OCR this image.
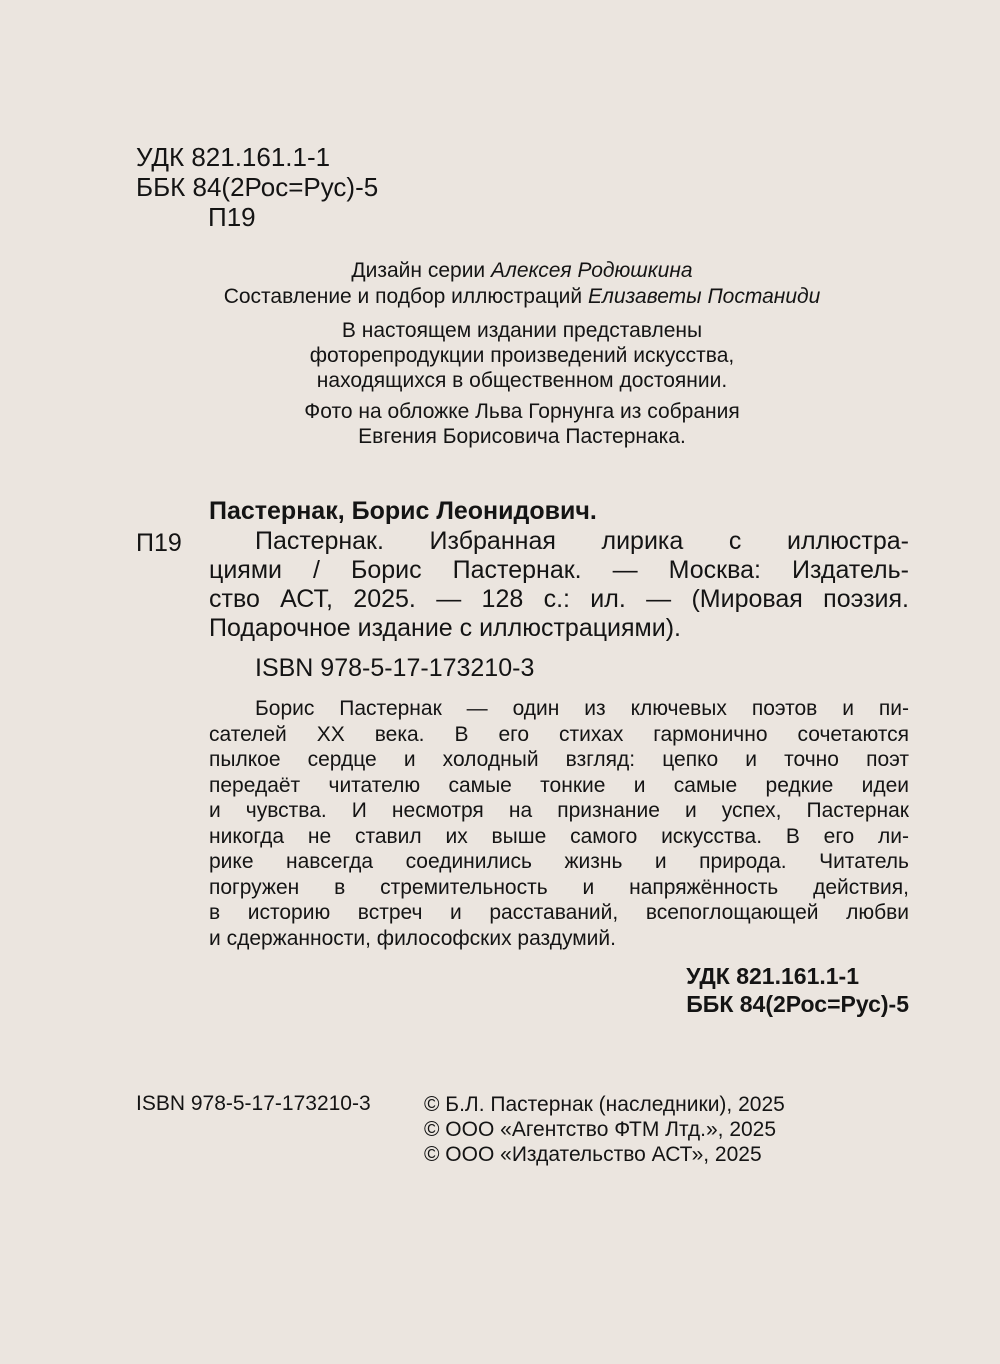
УДК 821.161.1-1
ББК 84(2Рос=Рус)-5
П19
Дизайн серии Алексея Родюшкина
Составление и подбор иллюстраций Елизаветы Постаниди
В настоящем издании представлены
фоторепродукции произведений искусства,
находящихся в общественном достоянии.
Фото на обложке Льва Горнунга из собрания
Евгения Борисовича Пастернака.
Пастернак, Борис Леонидович.
П19	Пастернак. Избранная лирика с иллюстра-
циями / Борис Пастернак. — Москва: Издатель-
ство АСТ, 2025. — 128 с.: ил. — (Мировая поэзия.
Подарочное издание с иллюстрациями).
ISBN 978-5-17-173210-3
Борис Пастернак — один из ключевых поэтов и пи-
сателей XX века. В его стихах гармонично сочетаются
пылкое сердце и холодный взгляд: цепко и точно поэт
передаёт читателю самые тонкие и самые редкие идеи
и чувства. И несмотря на признание и успех, Пастернак
никогда не ставил их выше самого искусства. В его ли-
рике навсегда соединились жизнь и природа. Читатель
погружен в стремительность и напряжённость действия,
в историю встреч и расставаний, всепоглощающей любви
и сдержанности, философских раздумий.
УДК 821.161.1-1
ББК 84(2Рос=Рус)-5
ISBN 978-5-17-173210-3	© Б.Л. Пастернак (наследники), 2025
© ООО «Агентство ФТМ Лтд.», 2025
© ООО «Издательство АСТ», 2025
